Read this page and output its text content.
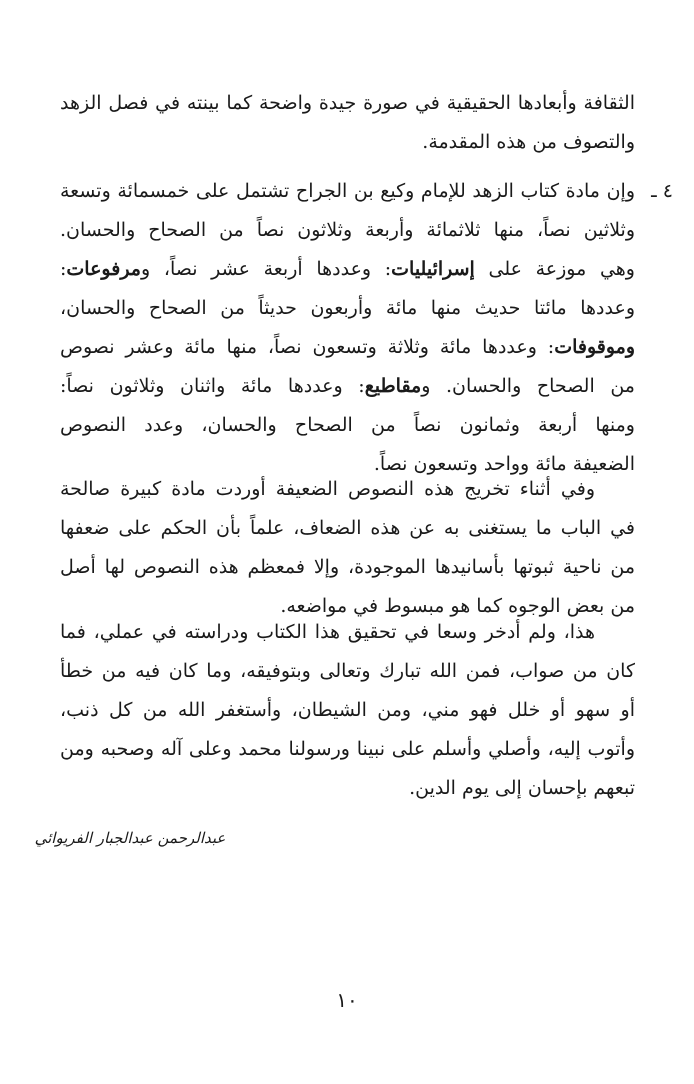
الثقافة وأبعادها الحقيقية في صورة جيدة واضحة كما بينته في فصل الزهد
والتصوف من هذه المقدمة.
٤ ـ
وإن مادة كتاب الزهد للإمام وكيع بن الجراح تشتمل على خمسمائة وتسعة
وثلاثين نصاً، منها ثلاثمائة وأربعة وثلاثون نصاً من الصحاح والحسان.
وهي موزعة على إسرائيليات: وعددها أربعة عشر نصاً، ومرفوعات:
وعددها مائتا حديث منها مائة وأربعون حديثاً من الصحاح والحسان،
وموقوفات: وعددها مائة وثلاثة وتسعون نصاً، منها مائة وعشر نصوص
من الصحاح والحسان. ومقاطيع: وعددها مائة واثنان وثلاثون نصاً:
ومنها أربعة وثمانون نصاً من الصحاح والحسان، وعدد النصوص
الضعيفة مائة وواحد وتسعون نصاً.
وفي أثناء تخريج هذه النصوص الضعيفة أوردت مادة كبيرة صالحة
في الباب ما يستغنى به عن هذه الضعاف، علماً بأن الحكم على ضعفها
من ناحية ثبوتها بأسانيدها الموجودة، وإلا فمعظم هذه النصوص لها أصل
من بعض الوجوه كما هو مبسوط في مواضعه.
هذا، ولم أدخر وسعا في تحقيق هذا الكتاب ودراسته في عملي، فما
كان من صواب، فمن الله تبارك وتعالى وبتوفيقه، وما كان فيه من خطأ
أو سهو أو خلل فهو مني، ومن الشيطان، وأستغفر الله من كل ذنب،
وأتوب إليه، وأصلي وأسلم على نبينا ورسولنا محمد وعلى آله وصحبه ومن
تبعهم بإحسان إلى يوم الدين.
عبدالرحمن عبدالجبار الفريوائي
١٠
